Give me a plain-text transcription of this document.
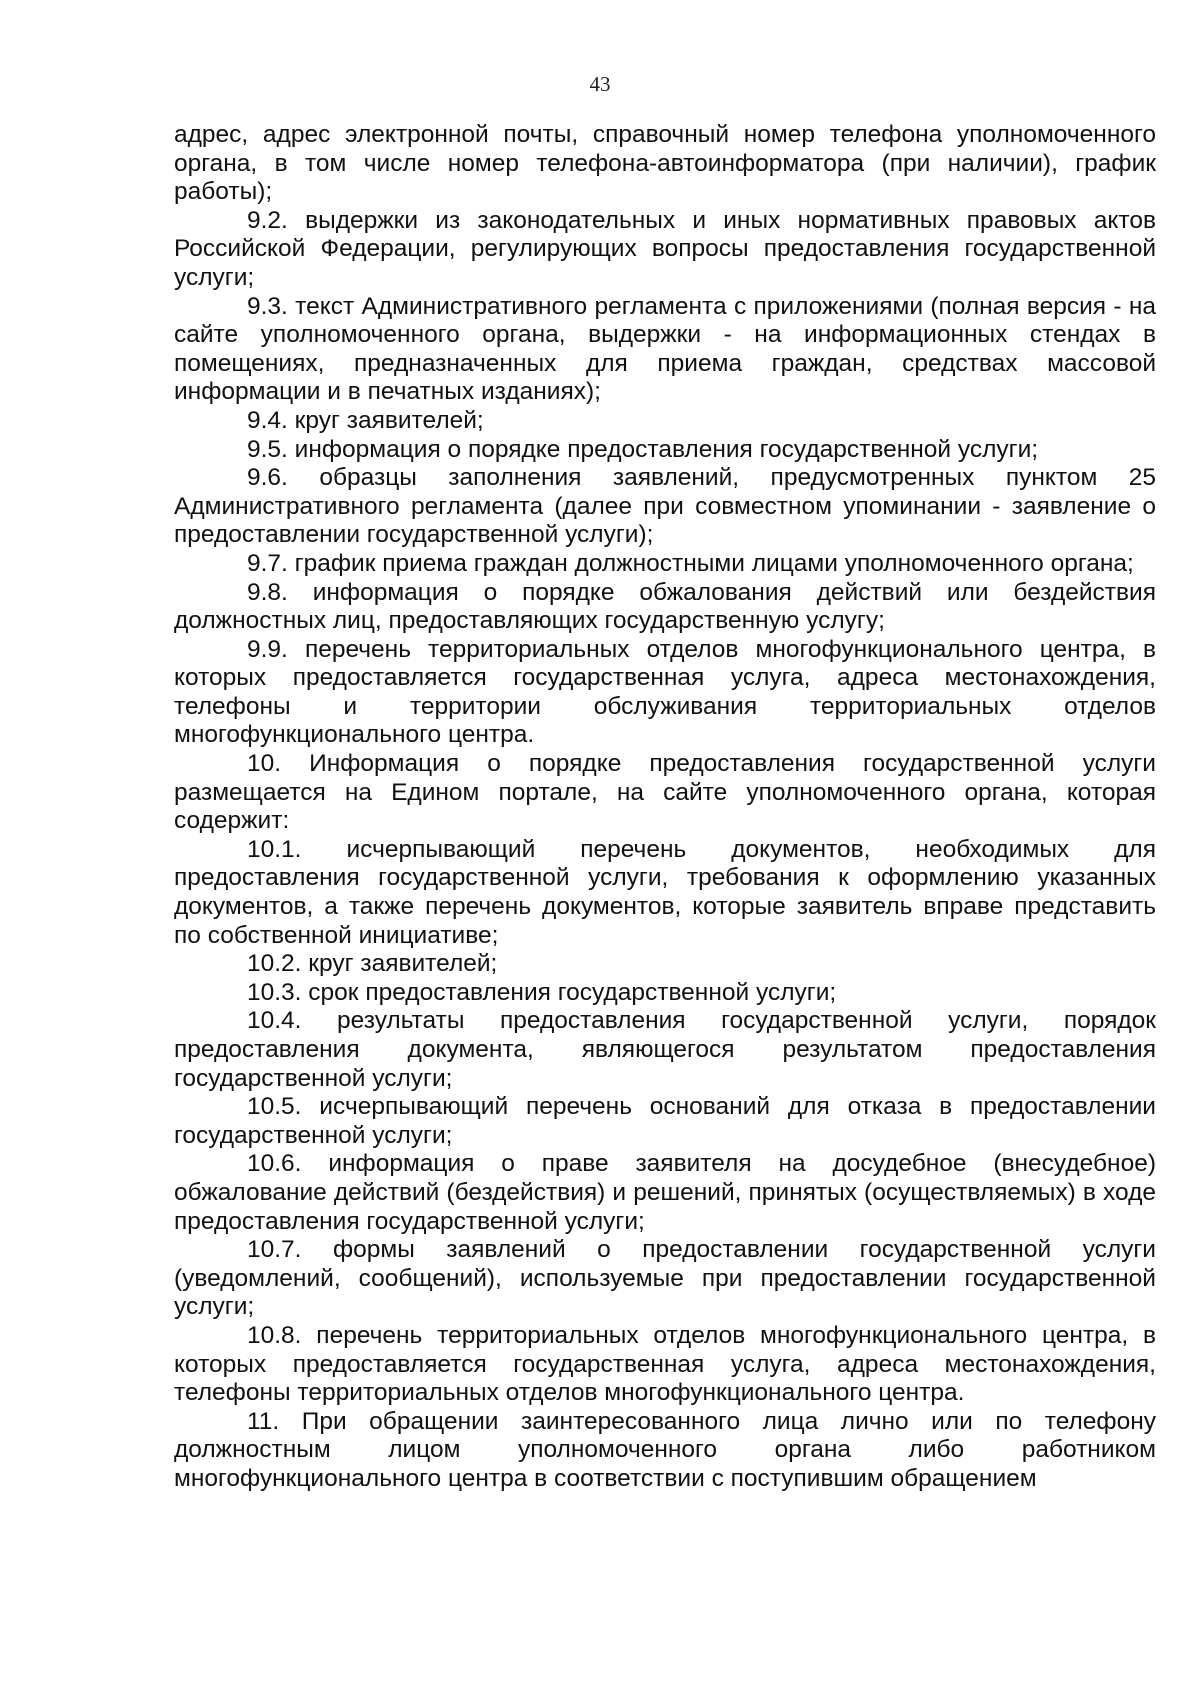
43

адрес, адрес электронной почты, справочный номер телефона уполномоченного органа, в том числе номер телефона-автоинформатора (при наличии), график работы);

9.2. выдержки из законодательных и иных нормативных правовых актов Российской Федерации, регулирующих вопросы предоставления государственной услуги;

9.3. текст Административного регламента с приложениями (полная версия - на сайте уполномоченного органа, выдержки - на информационных стендах в помещениях, предназначенных для приема граждан, средствах массовой информации и в печатных изданиях);

9.4. круг заявителей;

9.5. информация о порядке предоставления государственной услуги;

9.6. образцы заполнения заявлений, предусмотренных пунктом 25 Административного регламента (далее при совместном упоминании - заявление о предоставлении государственной услуги);

9.7. график приема граждан должностными лицами уполномоченного органа;

9.8. информация о порядке обжалования действий или бездействия должностных лиц, предоставляющих государственную услугу;

9.9. перечень территориальных отделов многофункционального центра, в которых предоставляется государственная услуга, адреса местонахождения, телефоны и территории обслуживания территориальных отделов многофункционального центра.

10. Информация о порядке предоставления государственной услуги размещается на Едином портале, на сайте уполномоченного органа, которая содержит:

10.1. исчерпывающий перечень документов, необходимых для предоставления государственной услуги, требования к оформлению указанных документов, а также перечень документов, которые заявитель вправе представить по собственной инициативе;

10.2. круг заявителей;

10.3. срок предоставления государственной услуги;

10.4. результаты предоставления государственной услуги, порядок предоставления документа, являющегося результатом предоставления государственной услуги;

10.5. исчерпывающий перечень оснований для отказа в предоставлении государственной услуги;

10.6. информация о праве заявителя на досудебное (внесудебное) обжалование действий (бездействия) и решений, принятых (осуществляемых) в ходе предоставления государственной услуги;

10.7. формы заявлений о предоставлении государственной услуги (уведомлений, сообщений), используемые при предоставлении государственной услуги;

10.8. перечень территориальных отделов многофункционального центра, в которых предоставляется государственная услуга, адреса местонахождения, телефоны территориальных отделов многофункционального центра.

11. При обращении заинтересованного лица лично или по телефону должностным лицом уполномоченного органа либо работником многофункционального центра в соответствии с поступившим обращением
